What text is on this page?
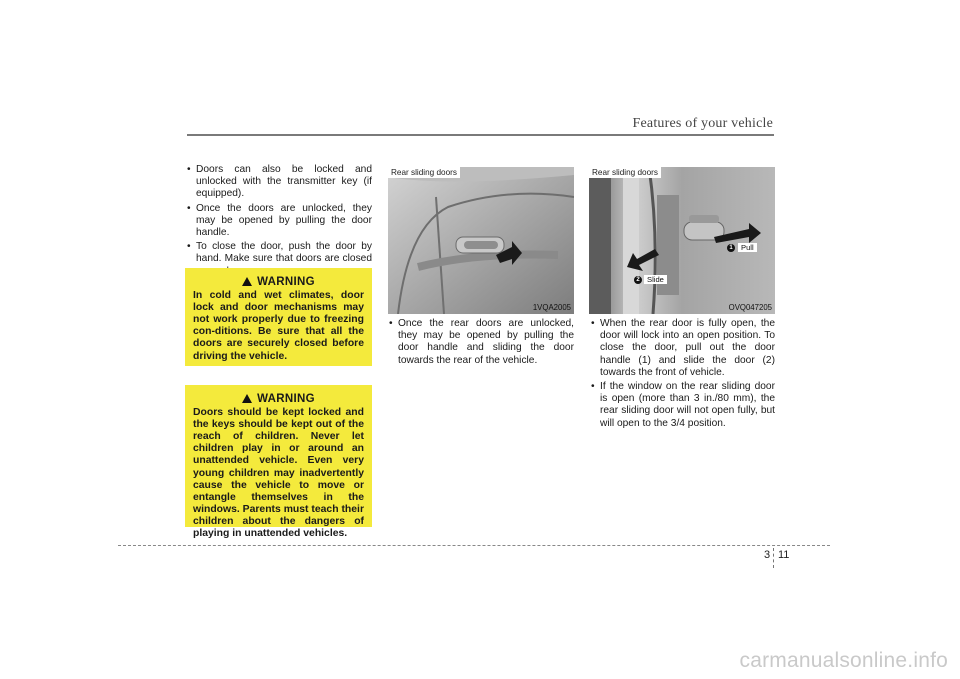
Features of your vehicle
• Doors can also be locked and unlocked with the transmitter key (if equipped).
• Once the doors are unlocked, they may be opened by pulling the door handle.
• To close the door, push the door by hand. Make sure that doors are closed
WARNING
In cold and wet climates, door lock and door mechanisms may not work properly due to freezing con-ditions. Be sure that all the doors are securely closed before driving the vehicle.
WARNING
Doors should be kept locked and the keys should be kept out of the reach of children. Never let children play in or around an unattended vehicle. Even very young children may inadvertently cause the vehicle to move or entangle themselves in the windows. Parents must teach their children about the dangers of playing in unattended vehicles.
Rear sliding doors
1VQA2005
Rear sliding doors
1	Pull
2 Slide
OVQ047205
• Once the rear doors are unlocked, they may be opened by pulling the door handle and sliding the door towards the rear of the vehicle.
• When the rear door is fully open, the door will lock into an open position. To close the door, pull out the door handle (1) and slide the door (2) towards the front of vehicle.
• If the window on the rear sliding door is open (more than 3 in./80 mm), the rear sliding door will not open fully, but will open to the 3/4 position.
3 11
carmanualsonline.info
